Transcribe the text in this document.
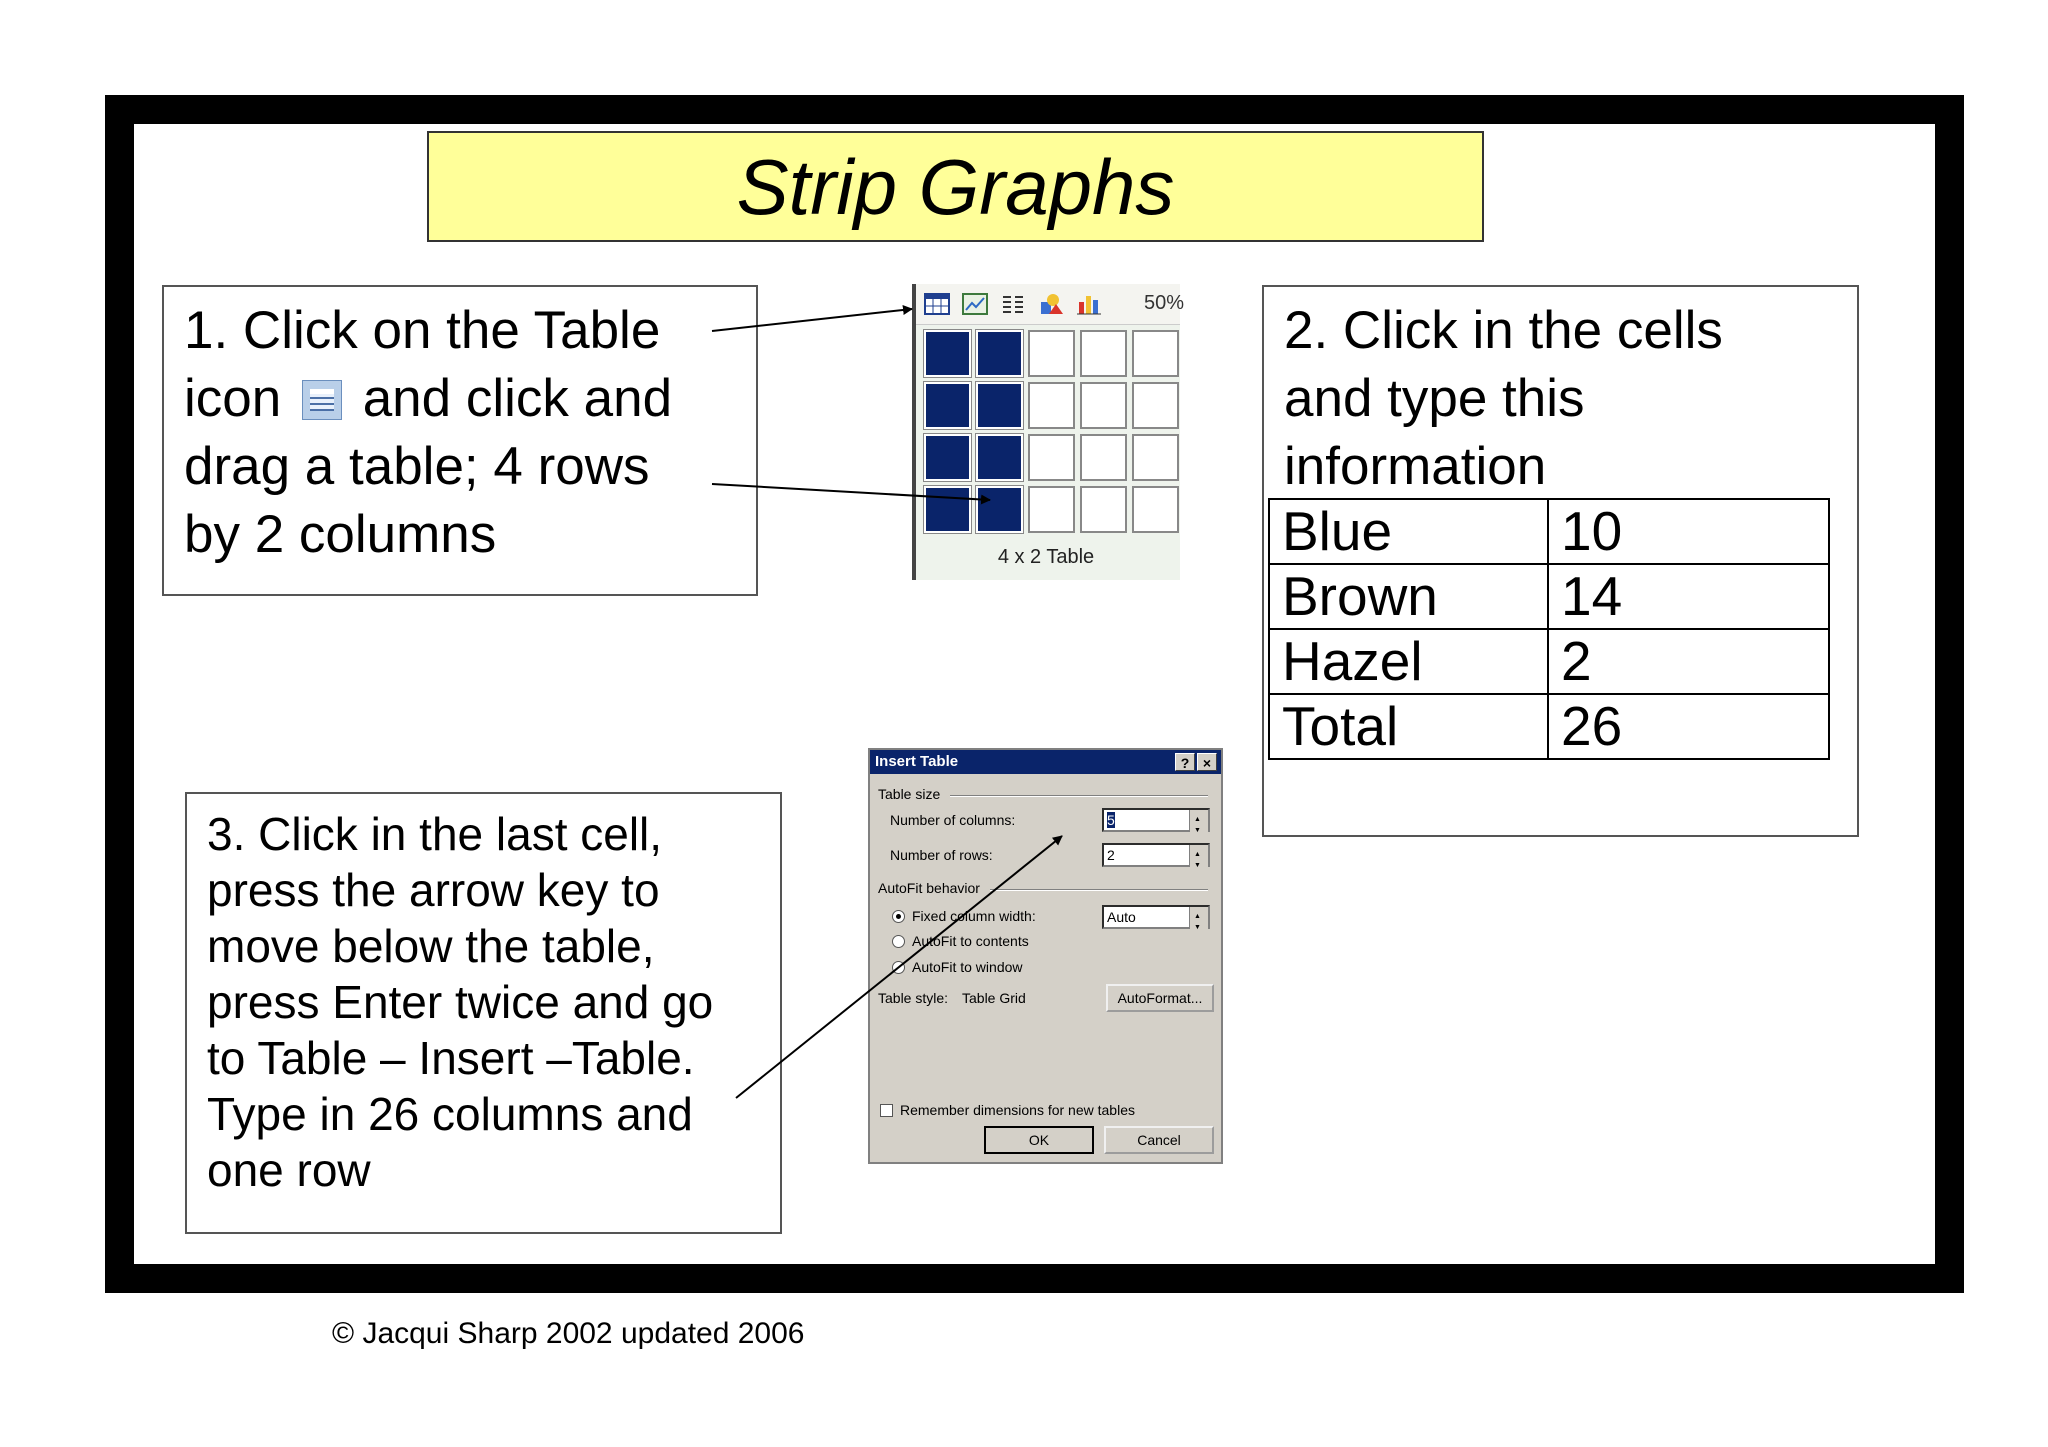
Strip Graphs
1. Click on the Table
icon and click and
drag a table; 4 rows
by 2 columns
50%
4 x 2 Table
2. Click in the cells
and type this
information
Blue	10
Brown	14
Hazel	2
Total	26
3. Click in the last cell,
press the arrow key to
move below the table,
press Enter twice and go
to Table – Insert –Table.
Type in 26 columns and
one row
Insert Table	? ×
Table size
Number of columns:	5
▲ ▼
Number of rows:	2
▲ ▼
AutoFit behavior
Fixed column width:	Auto
▲ ▼
AutoFit to contents
AutoFit to window
Table style: Table Grid	AutoFormat...
Remember dimensions for new tables
OK	Cancel
© Jacqui Sharp 2002 updated 2006
